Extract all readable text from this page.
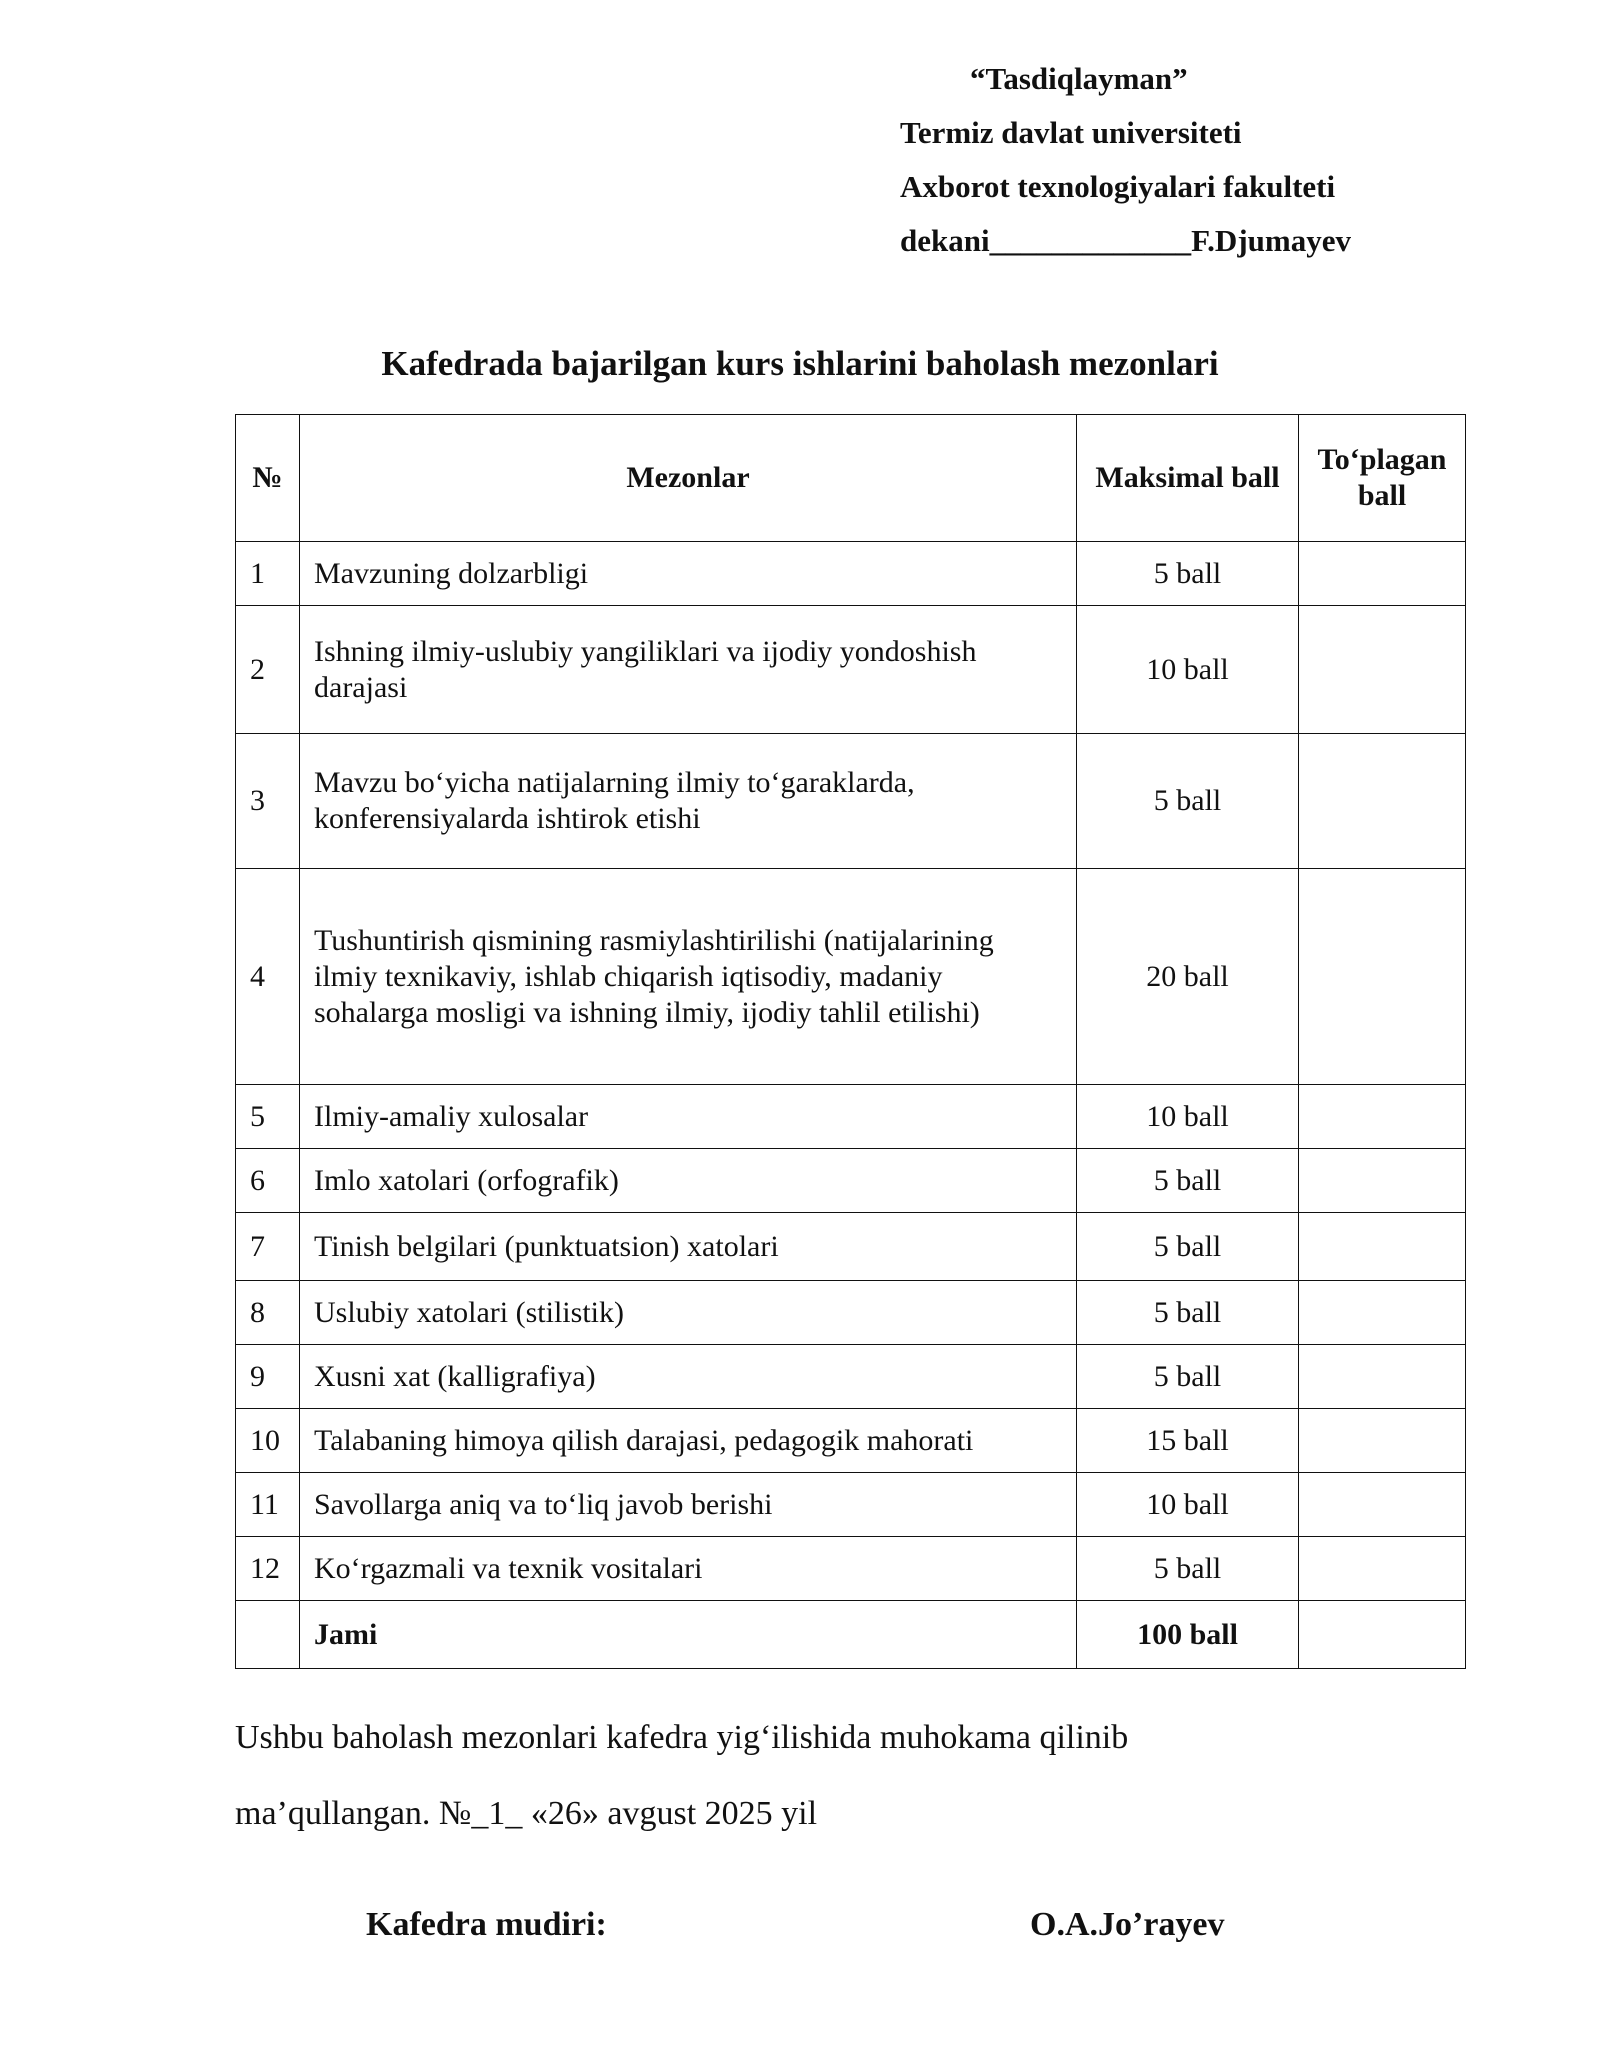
“Tasdiqlayman”
Termiz davlat universiteti
Axborot texnologiyalari fakulteti
dekani_____________F.Djumayev
Kafedrada bajarilgan kurs ishlarini baholash mezonlari
№	Mezonlar	Maksimal ball	To‘plagan ball
1	Mavzuning dolzarbligi	5 ball	
2	Ishning ilmiy-uslubiy yangiliklari va ijodiy yondoshish darajasi	10 ball	
3	Mavzu bo‘yicha natijalarning ilmiy to‘garaklarda, konferensiyalarda ishtirok etishi	5 ball	
4	Tushuntirish qismining rasmiylashtirilishi (natijalarining ilmiy texnikaviy, ishlab chiqarish iqtisodiy, madaniy sohalarga mosligi va ishning ilmiy, ijodiy tahlil etilishi)	20 ball	
5	Ilmiy-amaliy xulosalar	10 ball	
6	Imlo xatolari (orfografik)	5 ball	
7	Tinish belgilari (punktuatsion) xatolari	5 ball	
8	Uslubiy xatolari (stilistik)	5 ball	
9	Xusni xat (kalligrafiya)	5 ball	
10	Talabaning himoya qilish darajasi, pedagogik mahorati	15 ball	
11	Savollarga aniq va to‘liq javob berishi	10 ball	
12	Ko‘rgazmali va texnik vositalari	5 ball	
	Jami	100 ball	
Ushbu baholash mezonlari kafedra yig‘ilishida muhokama qilinib
ma’qullangan. №_1_ «26» avgust 2025 yil
Kafedra mudiri:	O.A.Jo’rayev
